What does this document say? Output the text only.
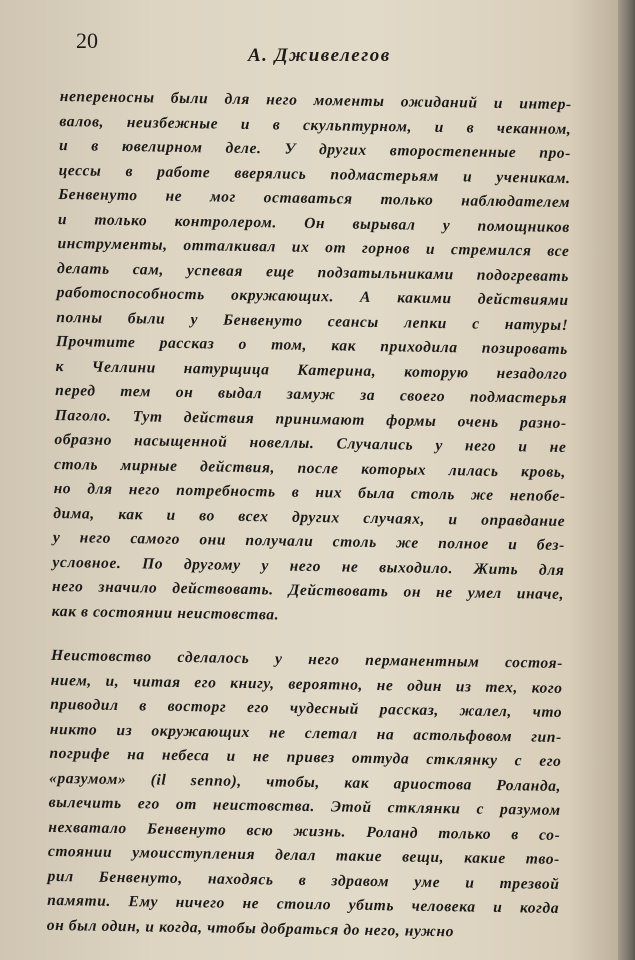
20
А. Дживелегов

неперeносны были для него моменты ожиданий и интер-
валов, неизбежные и в скульптурном, и в чеканном,
и в ювелирном деле. У других второстепенные про-
цессы в работе вверялись подмастерьям и ученикам.
Бенвенуто не мог оставаться только наблюдателем
и только контролером. Он вырывал у помощников
инструменты, отталкивал их от горнов и стремился все
делать сам, успевая еще подзатыльниками подогревать
работоспособность окружающих. А какими действиями
полны были у Бенвенуто сеансы лепки с натуры!
Прочтите рассказ о том, как приходила позировать
к Челлини натурщица Катерина, которую незадолго
перед тем он выдал замуж за своего подмастерья
Паголо. Тут действия принимают формы очень разно-
образно насыщенной новеллы. Случались у него и не
столь мирные действия, после которых лилась кровь,
но для него потребность в них была столь же непобе-
дима, как и во всех других случаях, и оправдание
у него самого они получали столь же полное и без-
условное. По другому у него не выходило. Жить для
него значило действовать. Действовать он не умел иначе,
как в состоянии неистовства.

Неистовство сделалось у него перманентным состоя-
нием, и, читая его книгу, вероятно, не один из тех, кого
приводил в восторг его чудесный рассказ, жалел, что
никто из окружающих не слетал на астольфовом гип-
погрифе на небеса и не привез оттуда стклянку с его
«разумом» (il senno), чтобы, как ариостова Роланда,
вылечить его от неистовства. Этой стклянки с разумом
нехватало Бенвенуто всю жизнь. Роланд только в со-
стоянии умоисступления делал такие вещи, какие тво-
рил Бенвенуто, находясь в здравом уме и трезвой
памяти. Ему ничего не стоило убить человека и когда
он был один, и когда, чтобы добраться до него, нужно
